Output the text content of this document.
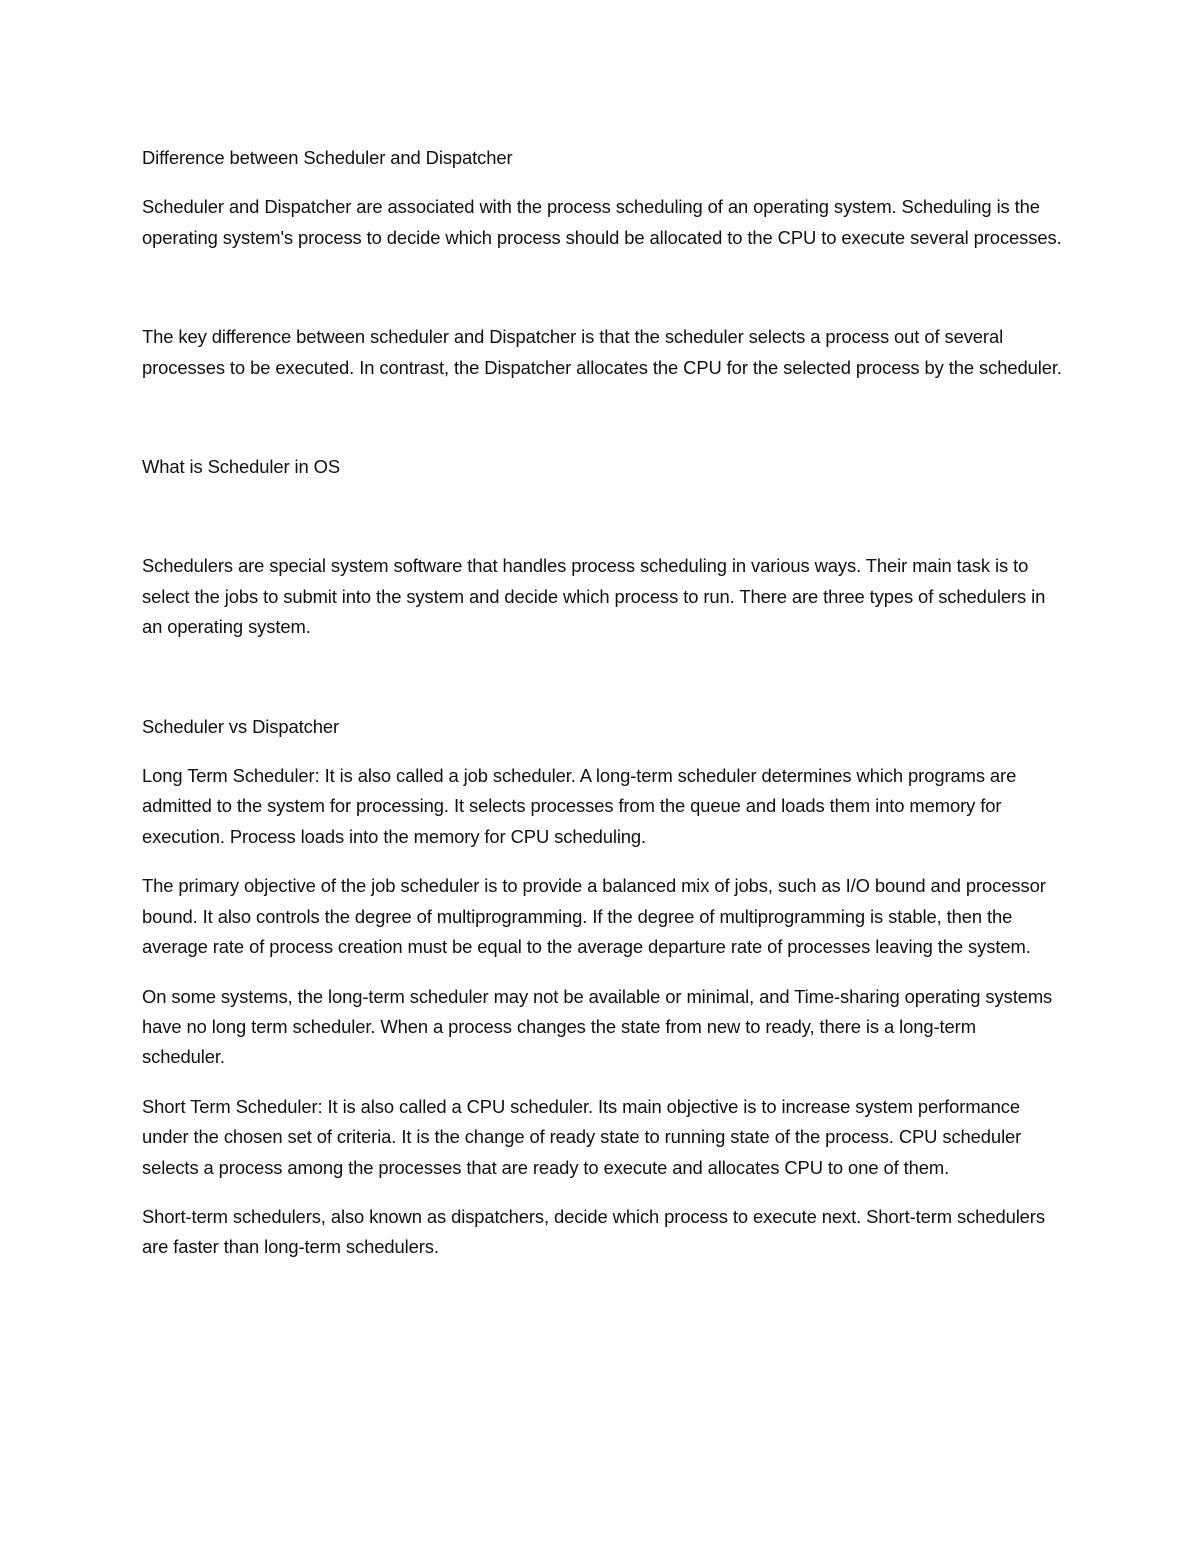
Difference between Scheduler and Dispatcher

Scheduler and Dispatcher are associated with the process scheduling of an operating system. Scheduling is the operating system's process to decide which process should be allocated to the CPU to execute several processes.

The key difference between scheduler and Dispatcher is that the scheduler selects a process out of several processes to be executed. In contrast, the Dispatcher allocates the CPU for the selected process by the scheduler.

What is Scheduler in OS

Schedulers are special system software that handles process scheduling in various ways. Their main task is to select the jobs to submit into the system and decide which process to run. There are three types of schedulers in an operating system.

Scheduler vs Dispatcher

Long Term Scheduler: It is also called a job scheduler. A long-term scheduler determines which programs are admitted to the system for processing. It selects processes from the queue and loads them into memory for execution. Process loads into the memory for CPU scheduling.

The primary objective of the job scheduler is to provide a balanced mix of jobs, such as I/O bound and processor bound. It also controls the degree of multiprogramming. If the degree of multiprogramming is stable, then the average rate of process creation must be equal to the average departure rate of processes leaving the system.

On some systems, the long-term scheduler may not be available or minimal, and Time-sharing operating systems have no long term scheduler. When a process changes the state from new to ready, there is a long-term scheduler.

Short Term Scheduler: It is also called a CPU scheduler. Its main objective is to increase system performance under the chosen set of criteria. It is the change of ready state to running state of the process. CPU scheduler selects a process among the processes that are ready to execute and allocates CPU to one of them.

Short-term schedulers, also known as dispatchers, decide which process to execute next. Short-term schedulers are faster than long-term schedulers.
